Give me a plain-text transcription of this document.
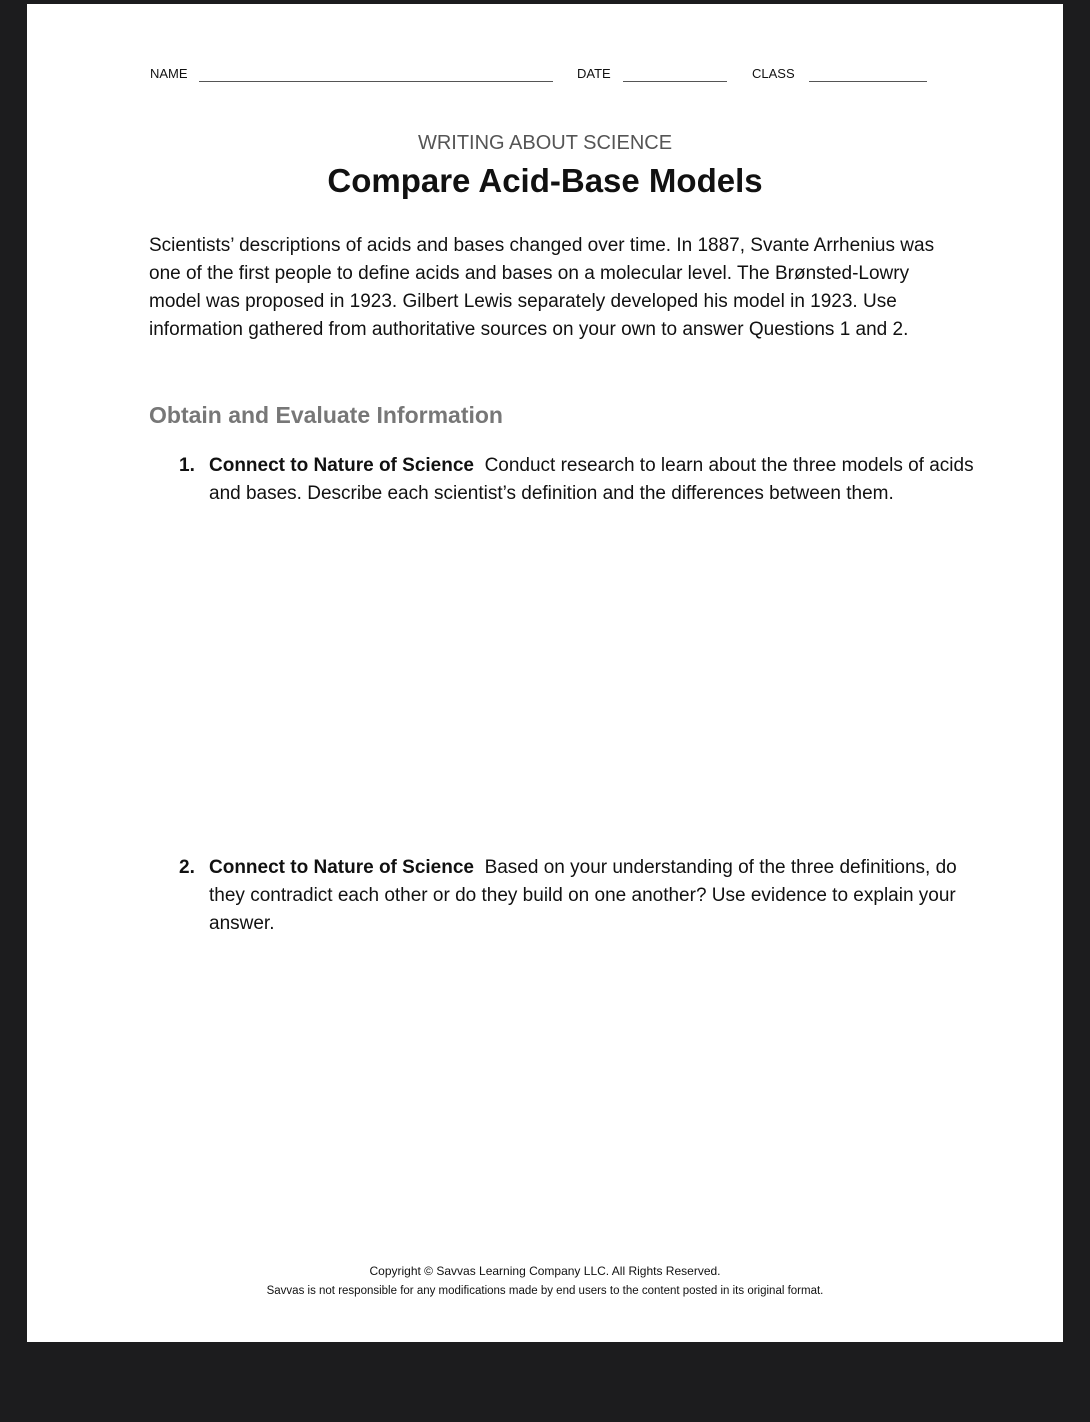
NAME	DATE	CLASS
WRITING ABOUT SCIENCE
Compare Acid-Base Models
Scientists’ descriptions of acids and bases changed over time. In 1887, Svante Arrhenius was one of the first people to define acids and bases on a molecular level. The Brønsted-Lowry model was proposed in 1923. Gilbert Lewis separately developed his model in 1923. Use information gathered from authoritative sources on your own to answer Questions 1 and 2.
Obtain and Evaluate Information
1. Connect to Nature of Science Conduct research to learn about the three models of acids and bases. Describe each scientist’s definition and the differences between them.
2. Connect to Nature of Science Based on your understanding of the three definitions, do they contradict each other or do they build on one another? Use evidence to explain your answer.
Copyright © Savvas Learning Company LLC. All Rights Reserved.
Savvas is not responsible for any modifications made by end users to the content posted in its original format.
